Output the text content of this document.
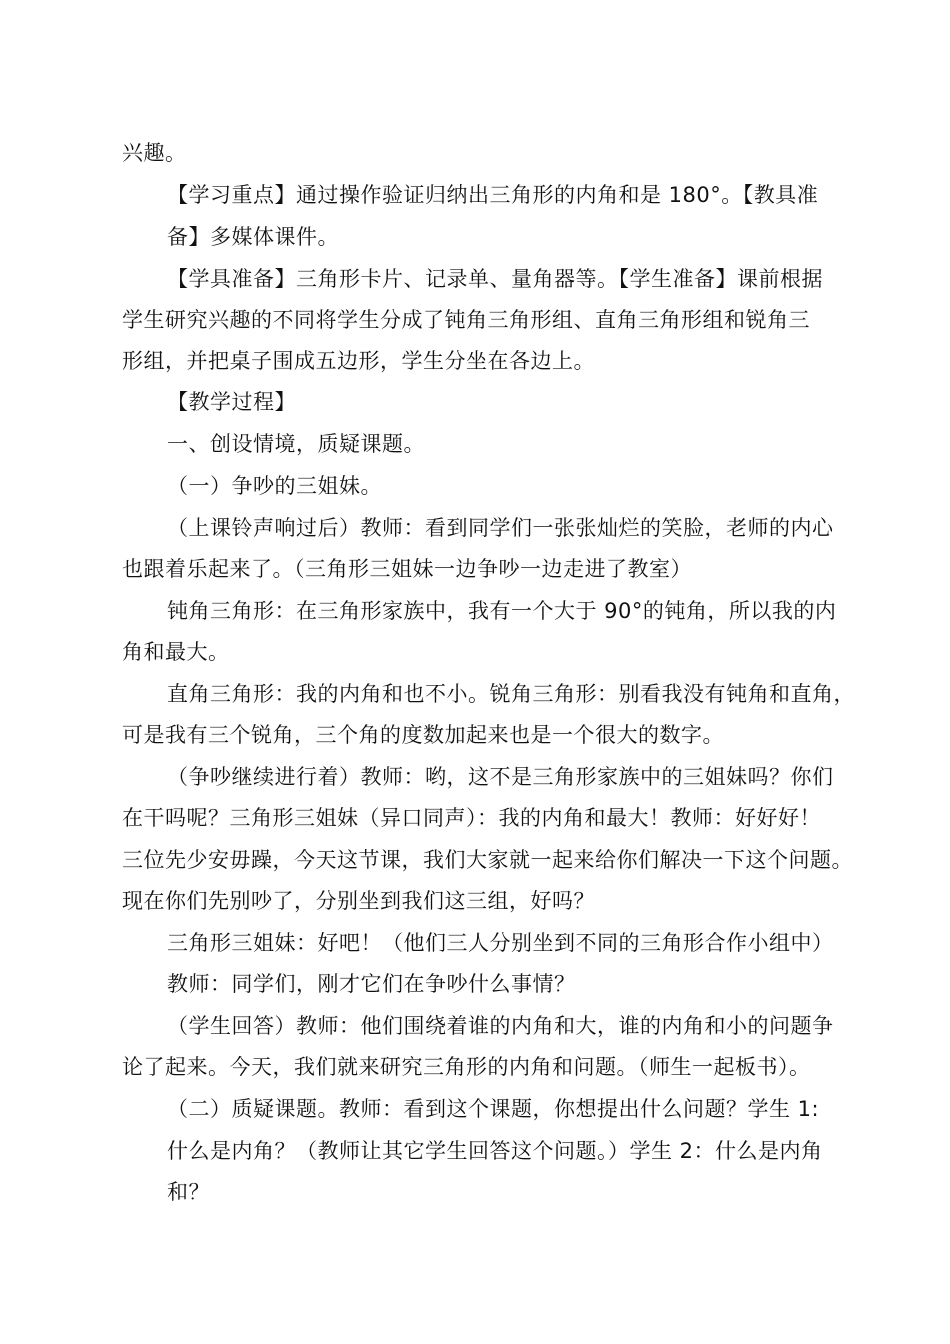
兴趣。
【学习重点】通过操作验证归纳出三角形的内角和是 180°。【教具准
备】多媒体课件。
【学具准备】三角形卡片、记录单、量角器等。【学生准备】课前根据
学生研究兴趣的不同将学生分成了钝角三角形组、直角三角形组和锐角三
形组，并把桌子围成五边形，学生分坐在各边上。
【教学过程】
一、创设情境，质疑课题。
（一）争吵的三姐妹。
（上课铃声响过后）教师：看到同学们一张张灿烂的笑脸，老师的内心
也跟着乐起来了。（三角形三姐妹一边争吵一边走进了教室）
钝角三角形：在三角形家族中，我有一个大于 90°的钝角，所以我的内
角和最大。
直角三角形：我的内角和也不小。锐角三角形：别看我没有钝角和直角，
可是我有三个锐角，三个角的度数加起来也是一个很大的数字。
（争吵继续进行着）教师：哟，这不是三角形家族中的三姐妹吗？你们
在干吗呢？三角形三姐妹（异口同声）：我的内角和最大！教师：好好好！
三位先少安毋躁，今天这节课，我们大家就一起来给你们解决一下这个问题。
现在你们先别吵了，分别坐到我们这三组，好吗？
三角形三姐妹：好吧！（他们三人分别坐到不同的三角形合作小组中）
教师：同学们，刚才它们在争吵什么事情？
（学生回答）教师：他们围绕着谁的内角和大，谁的内角和小的问题争
论了起来。今天，我们就来研究三角形的内角和问题。（师生一起板书）。
（二）质疑课题。教师：看到这个课题，你想提出什么问题？学生 1:
什么是内角？（教师让其它学生回答这个问题。）学生 2：什么是内角
和？
